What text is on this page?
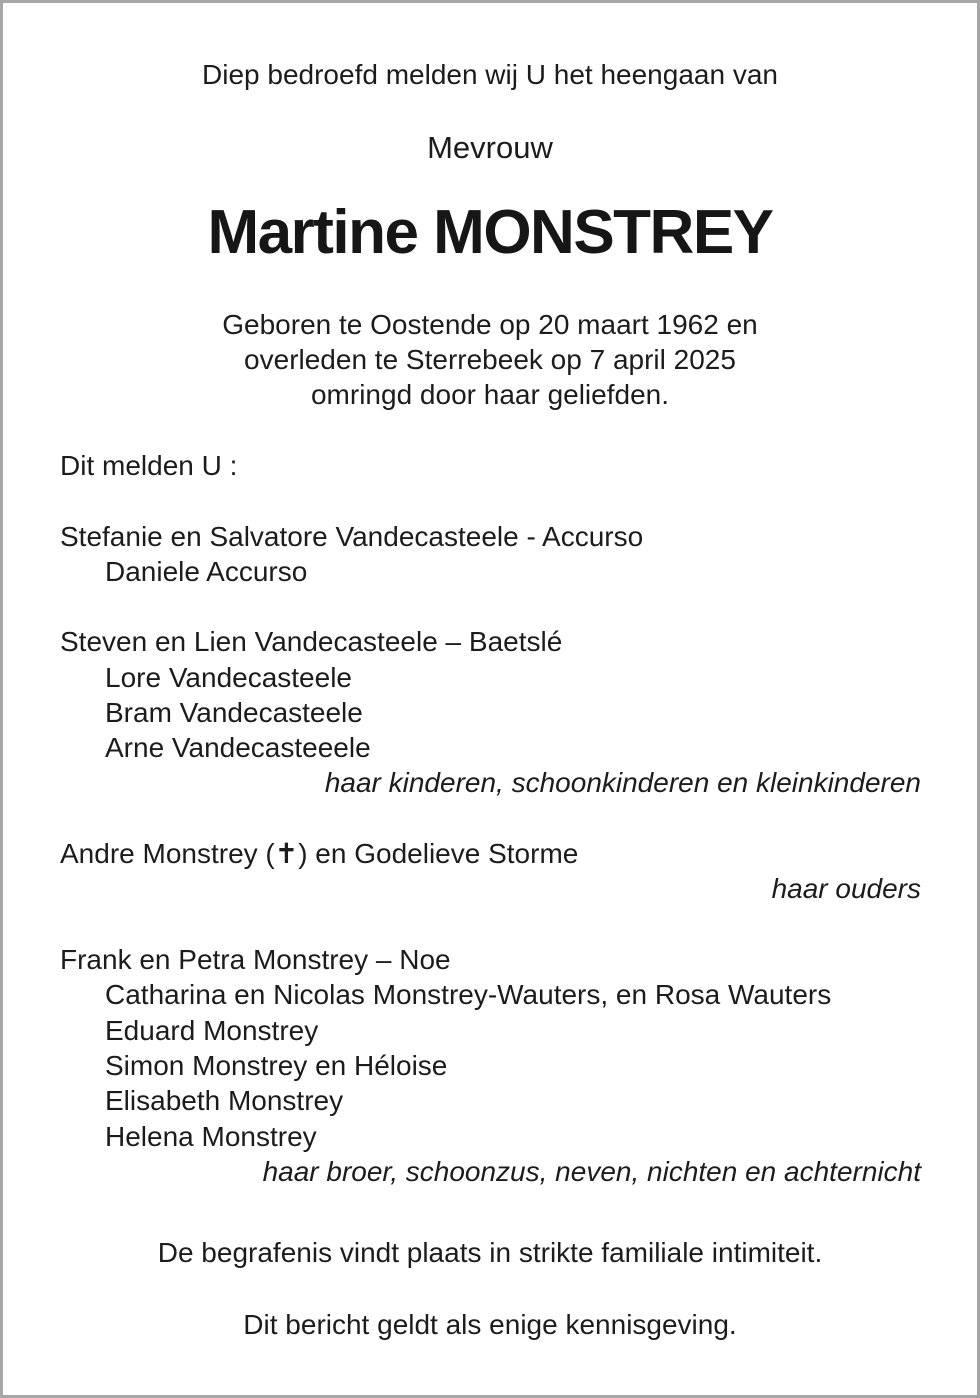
Diep bedroefd melden wij U het heengaan van
Mevrouw
Martine MONSTREY
Geboren te Oostende op 20 maart 1962 en
overleden te Sterrebeek op 7 april 2025
omringd door haar geliefden.
Dit melden U :
Stefanie en Salvatore Vandecasteele - Accurso
Daniele Accurso
Steven en Lien Vandecasteele – Baetslé
Lore Vandecasteele
Bram Vandecasteele
Arne Vandecasteeele
haar kinderen, schoonkinderen en kleinkinderen
Andre Monstrey (✝) en Godelieve Storme
haar ouders
Frank en Petra Monstrey – Noe
Catharina en Nicolas Monstrey-Wauters, en Rosa Wauters
Eduard Monstrey
Simon Monstrey en Héloise
Elisabeth Monstrey
Helena Monstrey
haar broer, schoonzus, neven, nichten en achternicht
De begrafenis vindt plaats in strikte familiale intimiteit.
Dit bericht geldt als enige kennisgeving.
